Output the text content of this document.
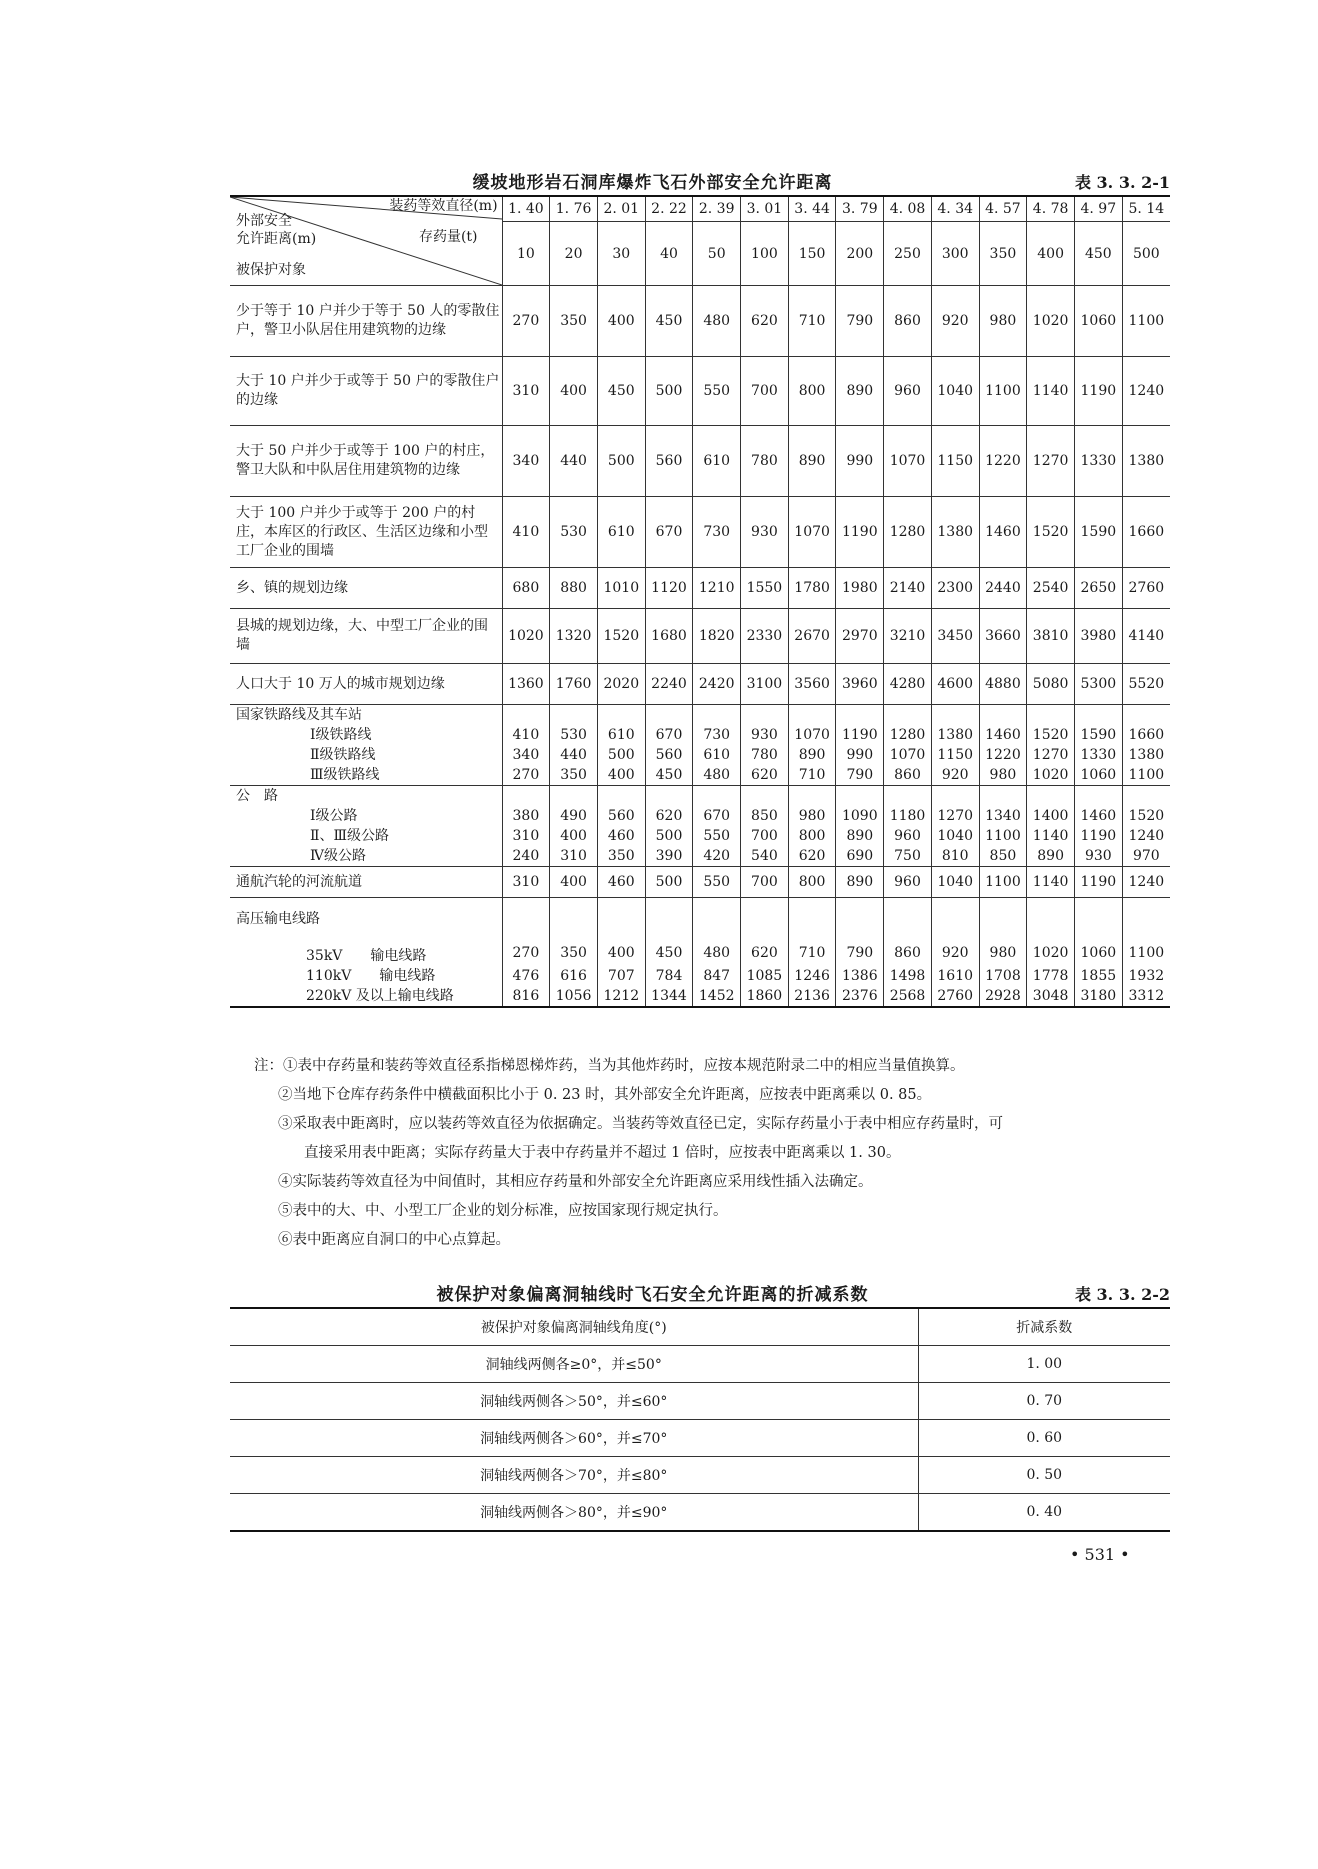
缓坡地形岩石洞库爆炸飞石外部安全允许距离	表 3. 3. 2-1
装药等效直径(m)
外部安全
允许距离(m) 存药量(t)
被保护对象	1. 40	1. 76	2. 01	2. 22	2. 39	3. 01	3. 44	3. 79	4. 08	4. 34	4. 57	4. 78	4. 97	5. 14
	10	20	30	40	50	100	150	200	250	300	350	400	450	500
少于等于 10 户并少于等于 50 人的零散住户，警卫小队居住用建筑物的边缘	270	350	400	450	480	620	710	790	860	920	980	1020	1060	1100
大于 10 户并少于或等于 50 户的零散住户的边缘	310	400	450	500	550	700	800	890	960	1040	1100	1140	1190	1240
大于 50 户并少于或等于 100 户的村庄，警卫大队和中队居住用建筑物的边缘	340	440	500	560	610	780	890	990	1070	1150	1220	1270	1330	1380
大于 100 户并少于或等于 200 户的村庄，本库区的行政区、生活区边缘和小型工厂企业的围墙	410	530	610	670	730	930	1070	1190	1280	1380	1460	1520	1590	1660
乡、镇的规划边缘	680	880	1010	1120	1210	1550	1780	1980	2140	2300	2440	2540	2650	2760
县城的规划边缘，大、中型工厂企业的围墙	1020	1320	1520	1680	1820	2330	2670	2970	3210	3450	3660	3810	3980	4140
人口大于 10 万人的城市规划边缘	1360	1760	2020	2240	2420	3100	3560	3960	4280	4600	4880	5080	5300	5520
国家铁路线及其车站														
Ⅰ级铁路线	410	530	610	670	730	930	1070	1190	1280	1380	1460	1520	1590	1660
Ⅱ级铁路线	340	440	500	560	610	780	890	990	1070	1150	1220	1270	1330	1380
Ⅲ级铁路线	270	350	400	450	480	620	710	790	860	920	980	1020	1060	1100
公　路														
Ⅰ级公路	380	490	560	620	670	850	980	1090	1180	1270	1340	1400	1460	1520
Ⅱ、Ⅲ级公路	310	400	460	500	550	700	800	890	960	1040	1100	1140	1190	1240
Ⅳ级公路	240	310	350	390	420	540	620	690	750	810	850	890	930	970
通航汽轮的河流航道	310	400	460	500	550	700	800	890	960	1040	1100	1140	1190	1240
高压输电线路														
35kV　　输电线路	270	350	400	450	480	620	710	790	860	920	980	1020	1060	1100
110kV　　输电线路	476	616	707	784	847	1085	1246	1386	1498	1610	1708	1778	1855	1932
220kV 及以上输电线路	816	1056	1212	1344	1452	1860	2136	2376	2568	2760	2928	3048	3180	3312
注：①表中存药量和装药等效直径系指梯恩梯炸药，当为其他炸药时，应按本规范附录二中的相应当量值换算。
②当地下仓库存药条件中横截面积比小于 0. 23 时，其外部安全允许距离，应按表中距离乘以 0. 85。
③采取表中距离时，应以装药等效直径为依据确定。当装药等效直径已定，实际存药量小于表中相应存药量时，可
直接采用表中距离；实际存药量大于表中存药量并不超过 1 倍时，应按表中距离乘以 1. 30。
④实际装药等效直径为中间值时，其相应存药量和外部安全允许距离应采用线性插入法确定。
⑤表中的大、中、小型工厂企业的划分标准，应按国家现行规定执行。
⑥表中距离应自洞口的中心点算起。
被保护对象偏离洞轴线时飞石安全允许距离的折减系数	表 3. 3. 2-2
被保护对象偏离洞轴线角度(°)	折减系数
洞轴线两侧各≥0°，并≤50°	1. 00
洞轴线两侧各＞50°，并≤60°	0. 70
洞轴线两侧各＞60°，并≤70°	0. 60
洞轴线两侧各＞70°，并≤80°	0. 50
洞轴线两侧各＞80°，并≤90°	0. 40
• 531 •
